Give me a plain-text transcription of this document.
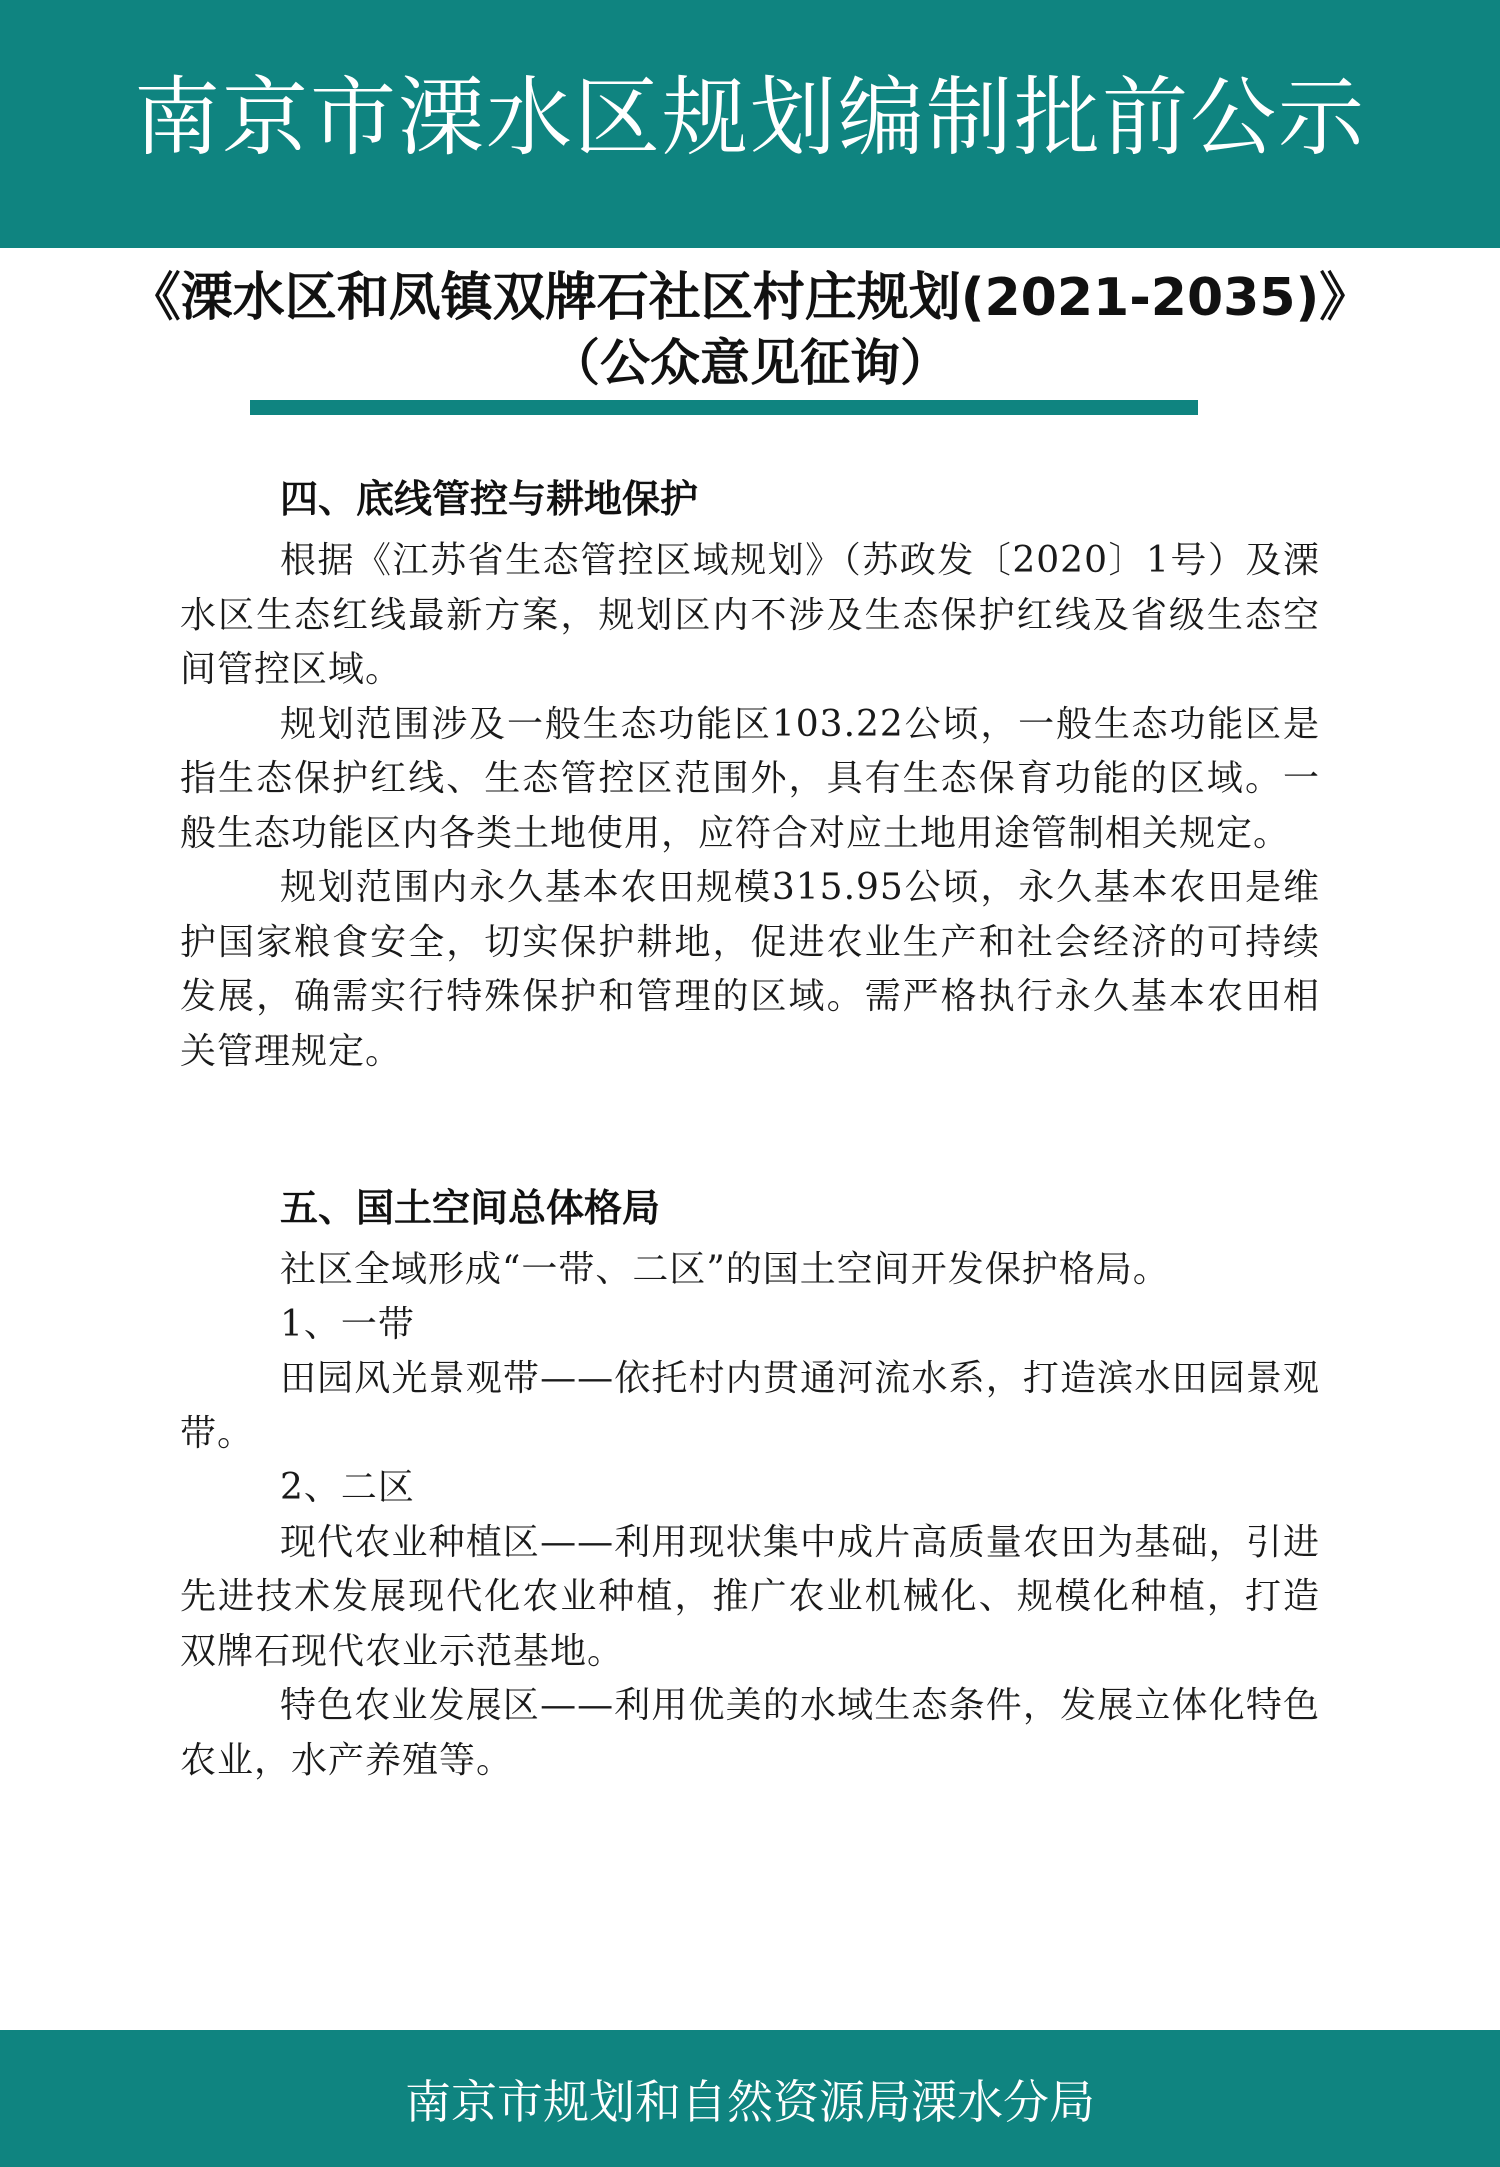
南京市溧水区规划编制批前公示
《溧水区和凤镇双牌石社区村庄规划(2021-2035)》
（公众意见征询）
四、底线管控与耕地保护

根据《江苏省生态管控区域规划》（苏政发〔2020〕1号）及溧水区生态红线最新方案，规划区内不涉及生态保护红线及省级生态空间管控区域。

规划范围涉及一般生态功能区103.22公顷，一般生态功能区是指生态保护红线、生态管控区范围外，具有生态保育功能的区域。一般生态功能区内各类土地使用，应符合对应土地用途管制相关规定。

规划范围内永久基本农田规模315.95公顷，永久基本农田是维护国家粮食安全，切实保护耕地，促进农业生产和社会经济的可持续发展，确需实行特殊保护和管理的区域。需严格执行永久基本农田相关管理规定。

五、国土空间总体格局

社区全域形成“一带、二区”的国土空间开发保护格局。

1、一带

田园风光景观带——依托村内贯通河流水系，打造滨水田园景观带。

2、二区

现代农业种植区——利用现状集中成片高质量农田为基础，引进先进技术发展现代化农业种植，推广农业机械化、规模化种植，打造双牌石现代农业示范基地。

特色农业发展区——利用优美的水域生态条件，发展立体化特色农业，水产养殖等。

南京市规划和自然资源局溧水分局
